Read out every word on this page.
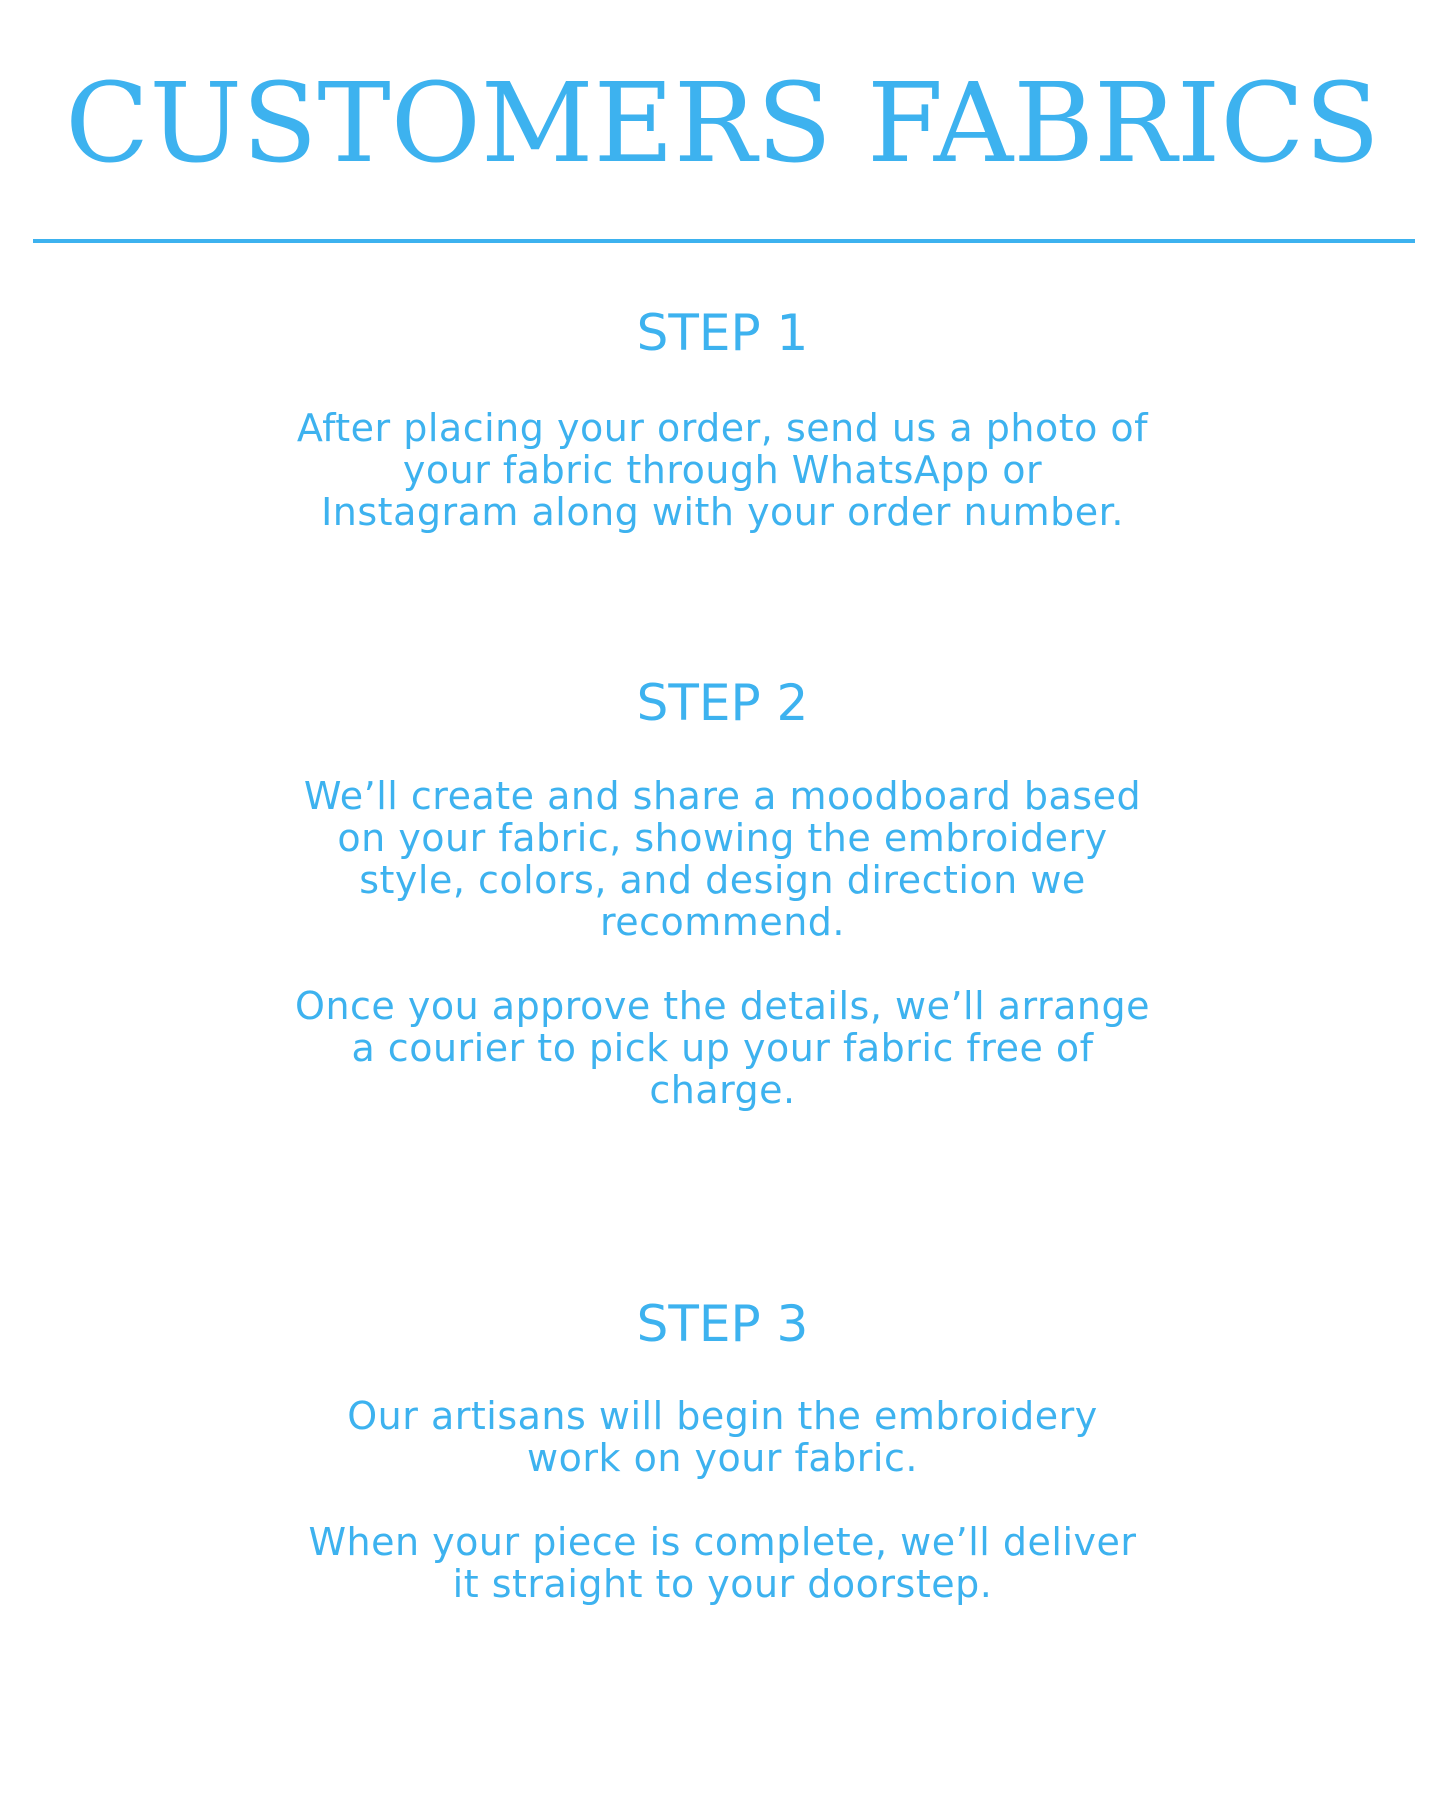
CUSTOMERS FABRICS
STEP 1

After placing your order, send us a photo of
your fabric through WhatsApp or
Instagram along with your order number.

STEP 2

We’ll create and share a moodboard based
on your fabric, showing the embroidery
style, colors, and design direction we
recommend.

Once you approve the details, we’ll arrange
a courier to pick up your fabric free of
charge.

STEP 3

Our artisans will begin the embroidery
work on your fabric.

When your piece is complete, we’ll deliver
it straight to your doorstep.
